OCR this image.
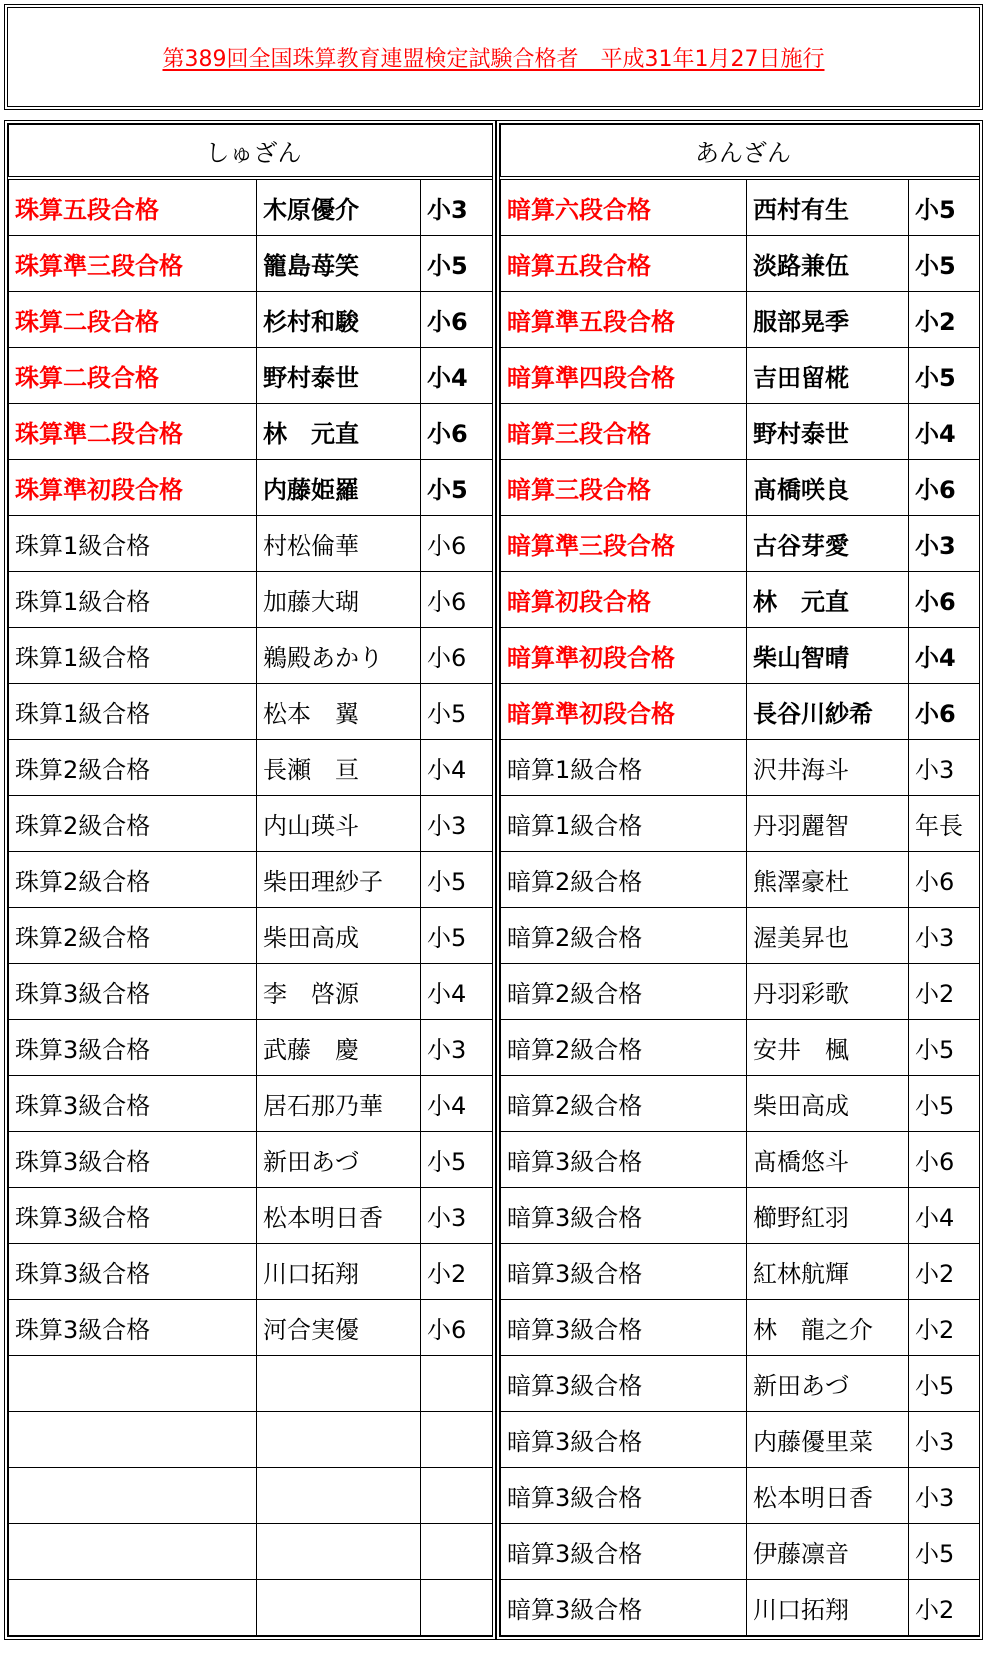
第389回全国珠算教育連盟検定試験合格者　平成31年1月27日施行
しゅざん		
珠算五段合格	木原優介	小3
珠算準三段合格	籠島苺笑	小5
珠算二段合格	杉村和駿	小6
珠算二段合格	野村泰世	小4
珠算準二段合格	林　元直	小6
珠算準初段合格	内藤姫羅	小5
珠算1級合格	村松倫華	小6
珠算1級合格	加藤大瑚	小6
珠算1級合格	鵜殿あかり	小6
珠算1級合格	松本　翼	小5
珠算2級合格	長瀬　亘	小4
珠算2級合格	内山瑛斗	小3
珠算2級合格	柴田理紗子	小5
珠算2級合格	柴田高成	小5
珠算3級合格	李　啓源	小4
珠算3級合格	武藤　慶	小3
珠算3級合格	居石那乃華	小4
珠算3級合格	新田あづ	小5
珠算3級合格	松本明日香	小3
珠算3級合格	川口拓翔	小2
珠算3級合格	河合実優	小6

あんざん		
暗算六段合格	西村有生	小5
暗算五段合格	淡路兼伍	小5
暗算準五段合格	服部晃季	小2
暗算準四段合格	吉田留椛	小5
暗算三段合格	野村泰世	小4
暗算三段合格	髙橋咲良	小6
暗算準三段合格	古谷芽愛	小3
暗算初段合格	林　元直	小6
暗算準初段合格	柴山智晴	小4
暗算準初段合格	長谷川紗希	小6
暗算1級合格	沢井海斗	小3
暗算1級合格	丹羽麗智	年長
暗算2級合格	熊澤豪杜	小6
暗算2級合格	渥美昇也	小3
暗算2級合格	丹羽彩歌	小2
暗算2級合格	安井　楓	小5
暗算2級合格	柴田高成	小5
暗算3級合格	髙橋悠斗	小6
暗算3級合格	櫛野紅羽	小4
暗算3級合格	紅林航輝	小2
暗算3級合格	林　龍之介	小2
暗算3級合格	新田あづ	小5
暗算3級合格	内藤優里菜	小3
暗算3級合格	松本明日香	小3
暗算3級合格	伊藤凛音	小5
暗算3級合格	川口拓翔	小2
